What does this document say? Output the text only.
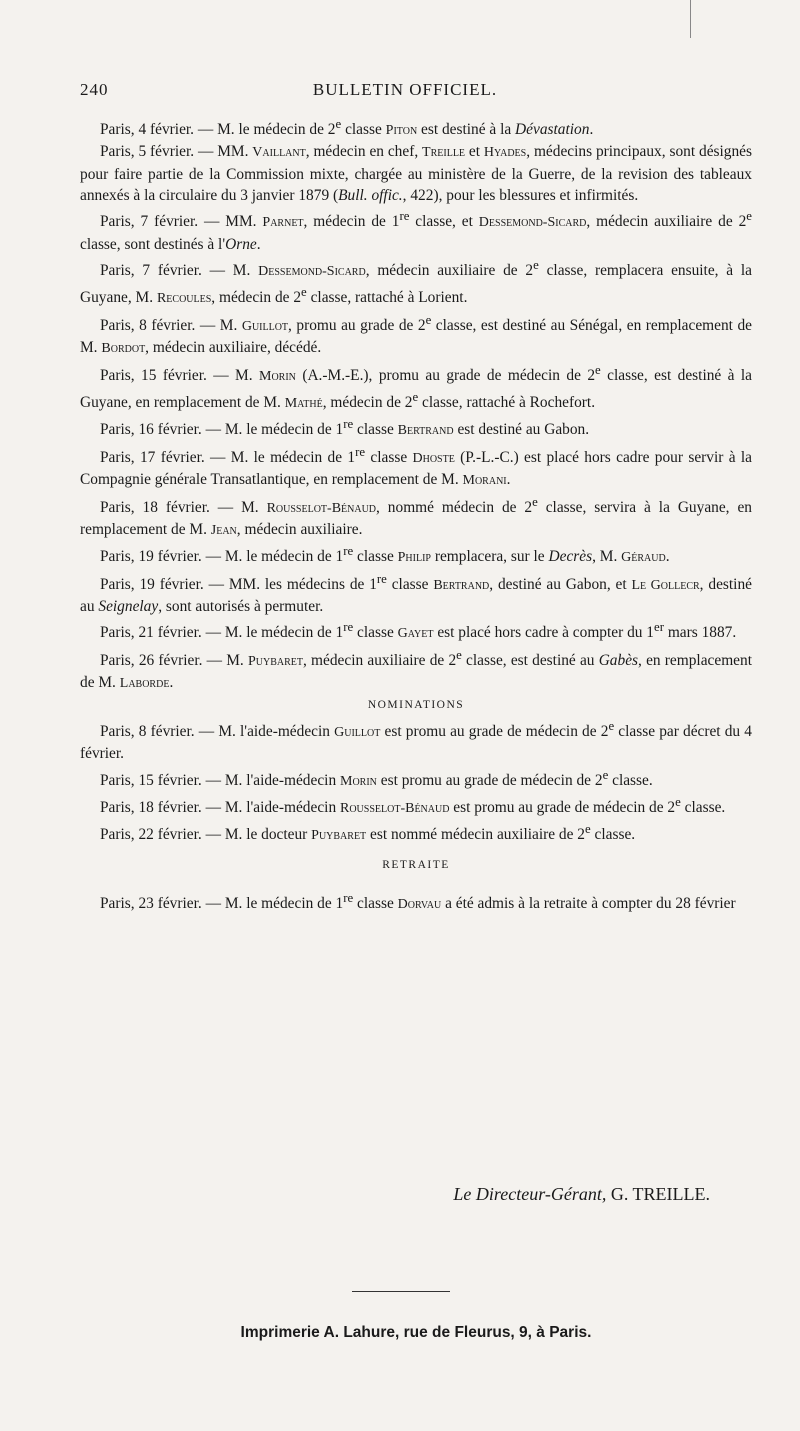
240	BULLETIN OFFICIEL.

Paris, 4 février. — M. le médecin de 2e classe Piton est destiné à la Dévastation.

Paris, 5 février. — MM. Vaillant, médecin en chef, Treille et Hyades, médecins principaux, sont désignés pour faire partie de la Commission mixte, chargée au ministère de la Guerre, de la revision des tableaux annexés à la circulaire du 3 janvier 1879 (Bull. offic., 422), pour les blessures et infirmités.

Paris, 7 février. — MM. Parnet, médecin de 1re classe, et Dessemond-Sicard, médecin auxiliaire de 2e classe, sont destinés à l'Orne.

Paris, 7 février. — M. Dessemond-Sicard, médecin auxiliaire de 2e classe, remplacera ensuite, à la Guyane, M. Recoules, médecin de 2e classe, rattaché à Lorient.

Paris, 8 février. — M. Guillot, promu au grade de 2e classe, est destiné au Sénégal, en remplacement de M. Bordot, médecin auxiliaire, décédé.

Paris, 15 février. — M. Morin (A.-M.-E.), promu au grade de médecin de 2e classe, est destiné à la Guyane, en remplacement de M. Mathé, médecin de 2e classe, rattaché à Rochefort.

Paris, 16 février. — M. le médecin de 1re classe Bertrand est destiné au Gabon.

Paris, 17 février. — M. le médecin de 1re classe Dhoste (P.-L.-C.) est placé hors cadre pour servir à la Compagnie générale Transatlantique, en remplacement de M. Morani.

Paris, 18 février. — M. Rousselot-Bénaud, nommé médecin de 2e classe, servira à la Guyane, en remplacement de M. Jean, médecin auxiliaire.

Paris, 19 février. — M. le médecin de 1re classe Philip remplacera, sur le Decrès, M. Géraud.

Paris, 19 février. — MM. les médecins de 1re classe Bertrand, destiné au Gabon, et Le Gollecr, destiné au Seignelay, sont autorisés à permuter.

Paris, 21 février. — M. le médecin de 1re classe Gayet est placé hors cadre à compter du 1er mars 1887.

Paris, 26 février. — M. Puybaret, médecin auxiliaire de 2e classe, est destiné au Gabès, en remplacement de M. Laborde.

NOMINATIONS

Paris, 8 février. — M. l'aide-médecin Guillot est promu au grade de médecin de 2e classe par décret du 4 février.

Paris, 15 février. — M. l'aide-médecin Morin est promu au grade de médecin de 2e classe.

Paris, 18 février. — M. l'aide-médecin Rousselot-Bénaud est promu au grade de médecin de 2e classe.

Paris, 22 février. — M. le docteur Puybaret est nommé médecin auxiliaire de 2e classe.

RETRAITE

Paris, 23 février. — M. le médecin de 1re classe Dorvau a été admis à la retraite à compter du 28 février

Le Directeur-Gérant, G. TREILLE.
Imprimerie A. Lahure, rue de Fleurus, 9, à Paris.
